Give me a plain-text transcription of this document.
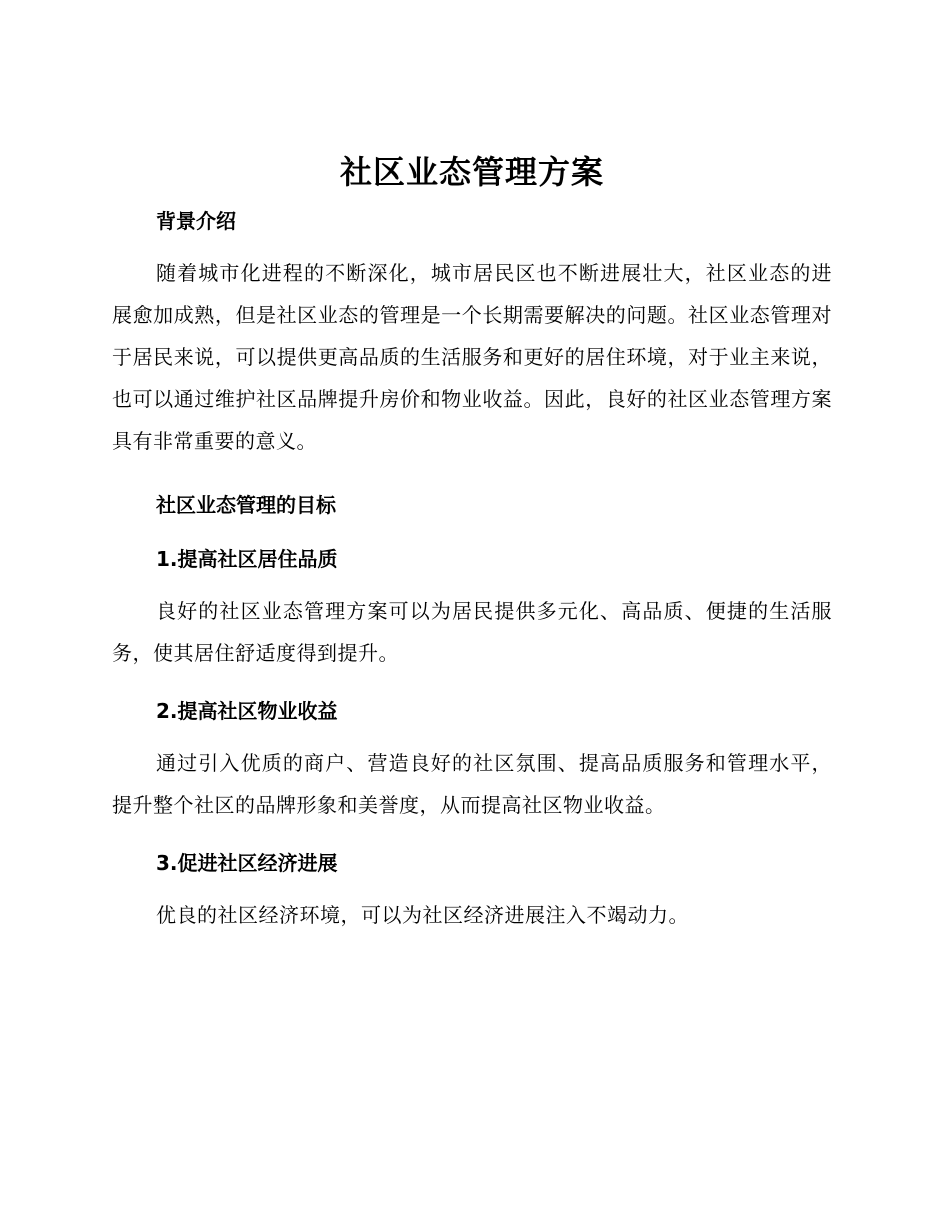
社区业态管理方案
背景介绍

随着城市化进程的不断深化，城市居民区也不断进展壮大，社区业态的进展愈加成熟，但是社区业态的管理是一个长期需要解决的问题。社区业态管理对于居民来说，可以提供更高品质的生活服务和更好的居住环境，对于业主来说，也可以通过维护社区品牌提升房价和物业收益。因此，良好的社区业态管理方案具有非常重要的意义。

社区业态管理的目标
1.提高社区居住品质

良好的社区业态管理方案可以为居民提供多元化、高品质、便捷的生活服务，使其居住舒适度得到提升。

2.提高社区物业收益

通过引入优质的商户、营造良好的社区氛围、提高品质服务和管理水平，提升整个社区的品牌形象和美誉度，从而提高社区物业收益。

3.促进社区经济进展

优良的社区经济环境，可以为社区经济进展注入不竭动力。
